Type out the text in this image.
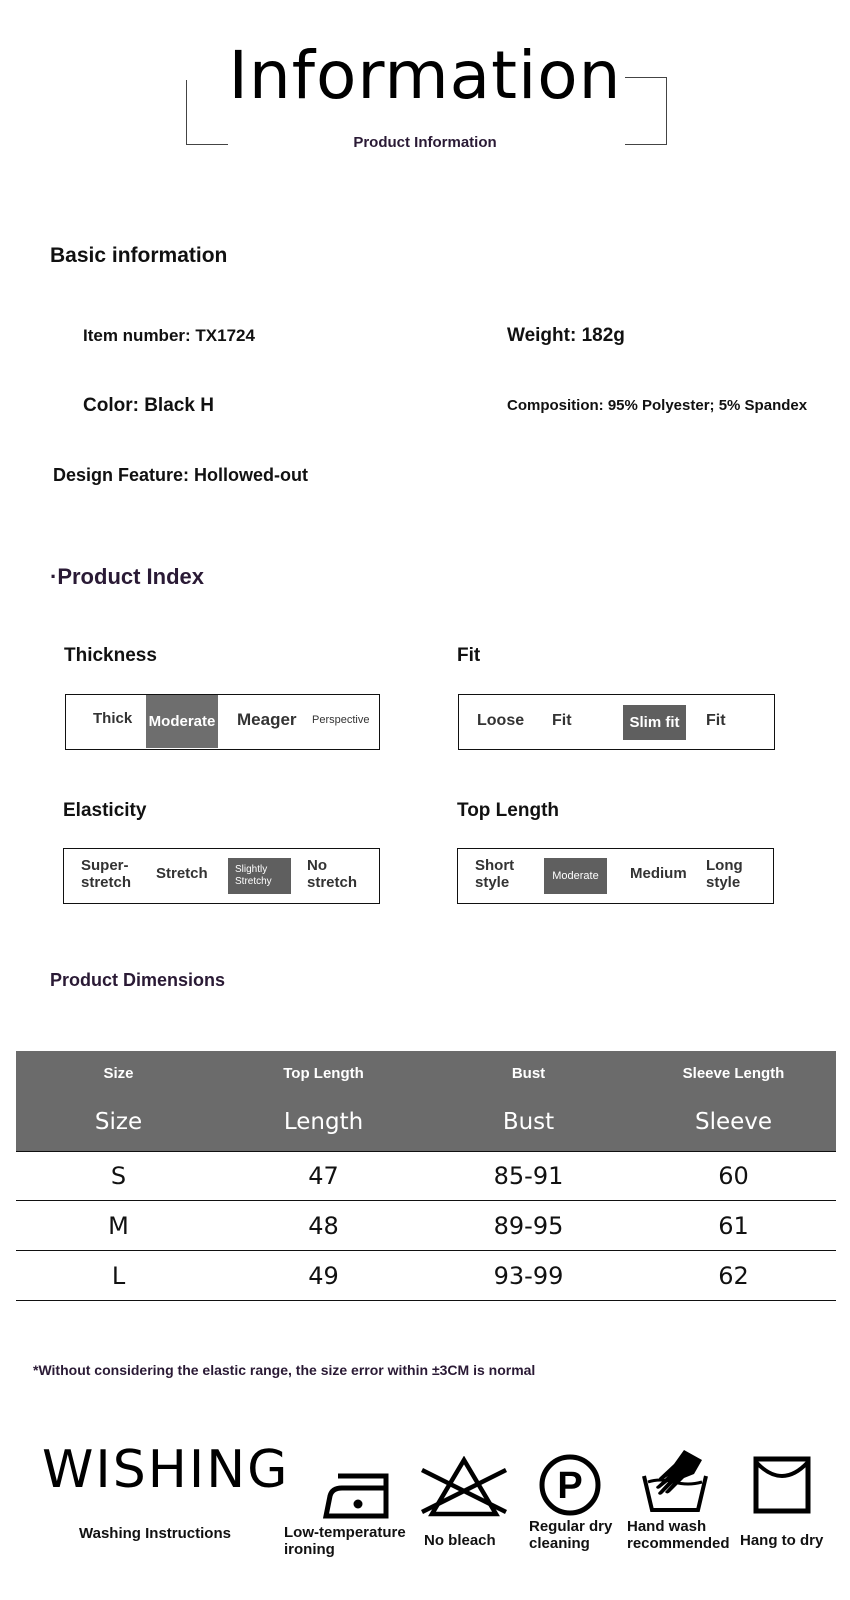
Information
Product Information
Basic information
Item number: TX1724	Weight: 182g
Color: Black H	Composition: 95% Polyester; 5% Spandex
Design Feature: Hollowed-out
·Product Index
Thickness
Thick Moderate Meager Perspective
Fit
Loose Fit	Slim fit	Fit
Elasticity
Super-
stretch Stretch	Slightly
Stretchy
No
stretch
Top Length
Short
style	Moderate	Medium Long
style
Product Dimensions
Size	Top Length	Bust	Sleeve Length
Size	Length	Bust	Sleeve
S	47	85-91	60
M	48	89-95	61
L	49	93-99	62
*Without considering the elastic range, the size error within ±3CM is normal
WISHING
Washing Instructions	Low-temperature
ironing
No bleach
P
Regular dry
cleaning
Hand wash
recommended Hang to dry
